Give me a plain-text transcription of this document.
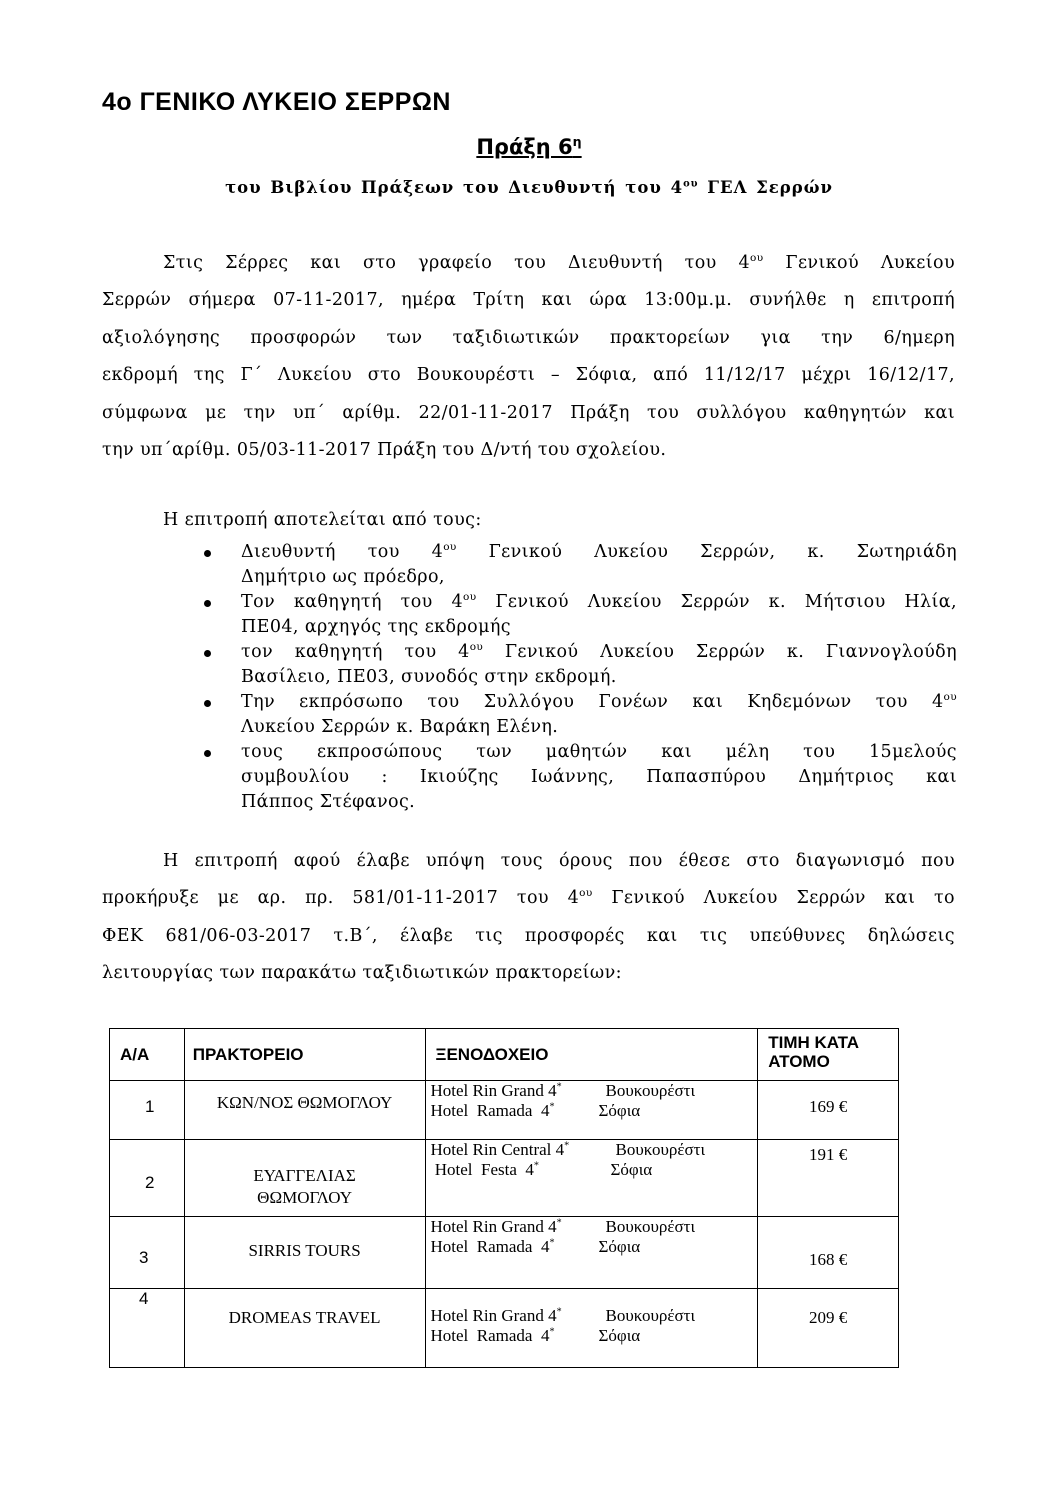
4ο ΓΕΝΙΚΟ ΛΥΚΕΙΟ ΣΕΡΡΩΝ
Πράξη $6^\eta$
του Βιβλίου Πράξεων του Διευθυντή του $4^{o\upsilon}$ ΓΕΛ Σερρών
Στις Σέρρες και στο γραφείο του Διευθυντή του $4^{o\upsilon}$ Γενικού Λυκείου
Σερρών σήμερα 07-11-2017, ημέρα Τρίτη και ώρα 13:00μ.μ. συνήλθε η επιτροπή
αξιολόγησης προσφορών των ταξιδιωτικών πρακτορείων για την 6/ημερη
εκδρομή της Γ΄ Λυκείου στο Βουκουρέστι – Σόφια, από 11/12/17 μέχρι 16/12/17,
σύμφωνα με την υπ΄ αρίθμ. 22/01-11-2017 Πράξη του συλλόγου καθηγητών και
την υπ΄αρίθμ. 05/03-11-2017 Πράξη του Δ/ντή του σχολείου.
Η επιτροπή αποτελείται από τους:
Διευθυντή του $4^{o\upsilon}$ Γενικού Λυκείου Σερρών, κ. Σωτηριάδη
Δημήτριο ως πρόεδρο,
Τον καθηγητή του $4^{o\upsilon}$ Γενικού Λυκείου Σερρών κ. Μήτσιου Ηλία,
ΠΕ04, αρχηγός της εκδρομής
τον καθηγητή του $4^{o\upsilon}$ Γενικού Λυκείου Σερρών κ. Γιαννογλούδη
Βασίλειο, ΠΕ03, συνοδός στην εκδρομή.
Την εκπρόσωπο του Συλλόγου Γονέων και Κηδεμόνων του $4^{o\upsilon}$
Λυκείου Σερρών κ. Βαράκη Ελένη.
τους εκπροσώπους των μαθητών και μέλη του 15μελούς
συμβουλίου : Ικιούζης Ιωάννης, Παπασπύρου Δημήτριος και
Πάππος Στέφανος.
Η επιτροπή αφού έλαβε υπόψη τους όρους που έθεσε στο διαγωνισμό που
προκήρυξε με αρ. πρ. 581/01-11-2017 του $4^{o\upsilon}$ Γενικού Λυκείου Σερρών και το
ΦΕΚ 681/06-03-2017 τ.Β΄, έλαβε τις προσφορές και τις υπεύθυνες δηλώσεις
λειτουργίας των παρακάτω ταξιδιωτικών πρακτορείων:
Α/Α	ΠΡΑΚΤΟΡΕΙΟ	ΞΕΝΟΔΟΧΕΙΟ	ΤΙΜΗ ΚΑΤΑ ΑΤΟΜΟ

1	ΚΩΝ/ΝΟΣ ΘΩΜΟΓΛΟΥ	Hotel Rin Grand 4* Βουκουρέστι
Hotel  Ramada  4* Σόφια	169 €

2	ΕΥΑΓΓΕΛΙΑΣ ΘΩΜΟΓΛΟΥ	Hotel Rin Central 4* Βουκουρέστι
Hotel  Festa  4* Σόφια	191 €

3	SIRRIS TOURS	Hotel Rin Grand 4* Βουκουρέστι
Hotel  Ramada  4* Σόφια	168 €

4	DROMEAS TRAVEL	Hotel Rin Grand 4* Βουκουρέστι
Hotel  Ramada  4* Σόφια	209 €
